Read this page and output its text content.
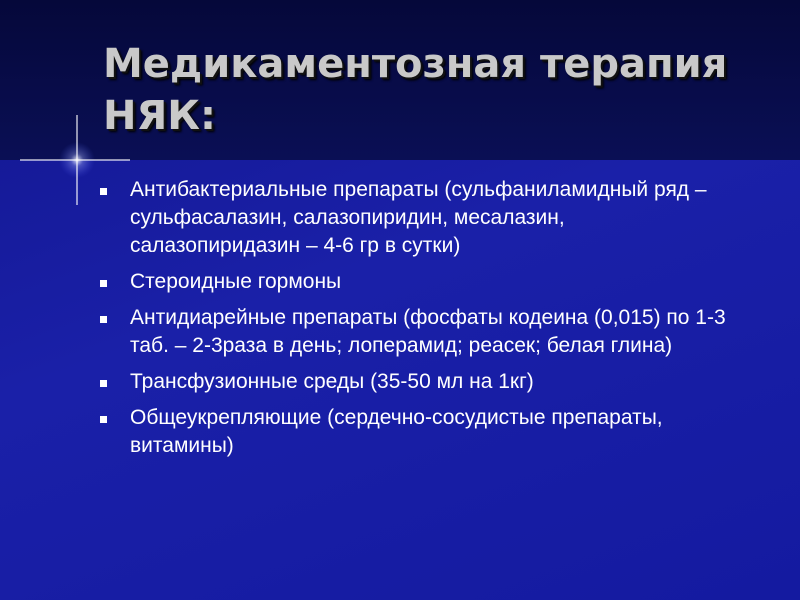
Медикаментозная терапия
НЯК:
Антибактериальные препараты (сульфаниламидный ряд – сульфасалазин, салазопиридин, месалазин, салазопиридазин – 4-6 гр в сутки)
Стероидные гормоны
Антидиарейные препараты (фосфаты кодеина (0,015) по 1-3 таб. – 2-3раза в день; лоперамид; реасек; белая глина)
Трансфузионные среды (35-50 мл на 1кг)
Общеукрепляющие (сердечно-сосудистые препараты, витамины)
